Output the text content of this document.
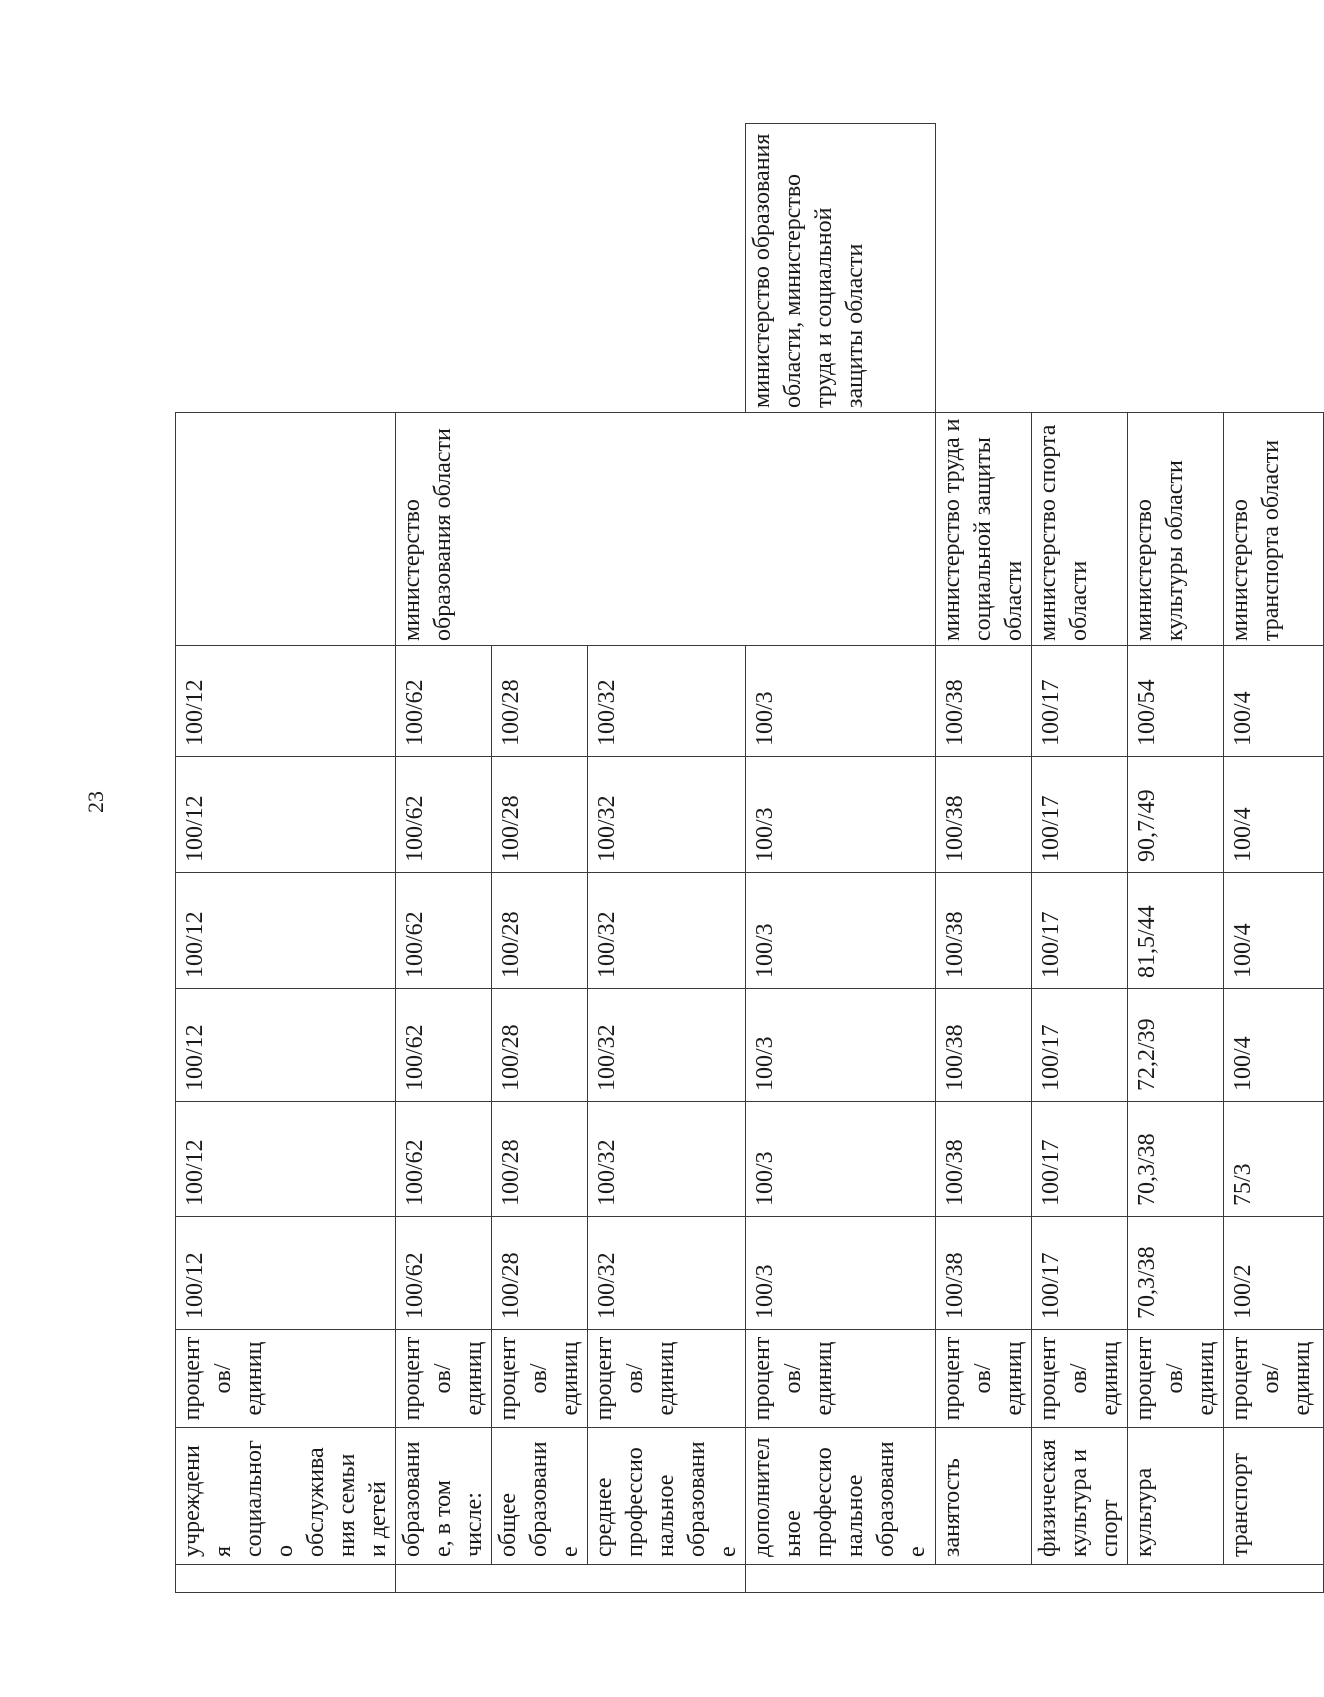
23
	учреждения социального обслуживания семьи и детей	процентов/ единиц	100/12	100/12	100/12	100/12	100/12	100/12		
	образование, в том числе:	процентов/ единиц	100/62	100/62	100/62	100/62	100/62	100/62	министерство образования области	
	общее образование	процентов/ единиц	100/28	100/28	100/28	100/28	100/28	100/28		
	среднее профессиональное образование	процентов/ единиц	100/32	100/32	100/32	100/32	100/32	100/32		
	дополнительное профессиональное образование	процентов/ единиц	100/3	100/3	100/3	100/3	100/3	100/3		министерство образования области, министерство труда и социальной защиты области
	занятость	процентов/ единиц	100/38	100/38	100/38	100/38	100/38	100/38	министерство труда и социальной защиты области	
	физическая культура и спорт	процентов/ единиц	100/17	100/17	100/17	100/17	100/17	100/17	министерство спорта области	
	культура	процентов/ единиц	70,3/38	70,3/38	72,2/39	81,5/44	90,7/49	100/54	министерство культуры области	
	транспорт	процентов/ единиц	100/2	75/3	100/4	100/4	100/4	100/4	министерство транспорта области	
